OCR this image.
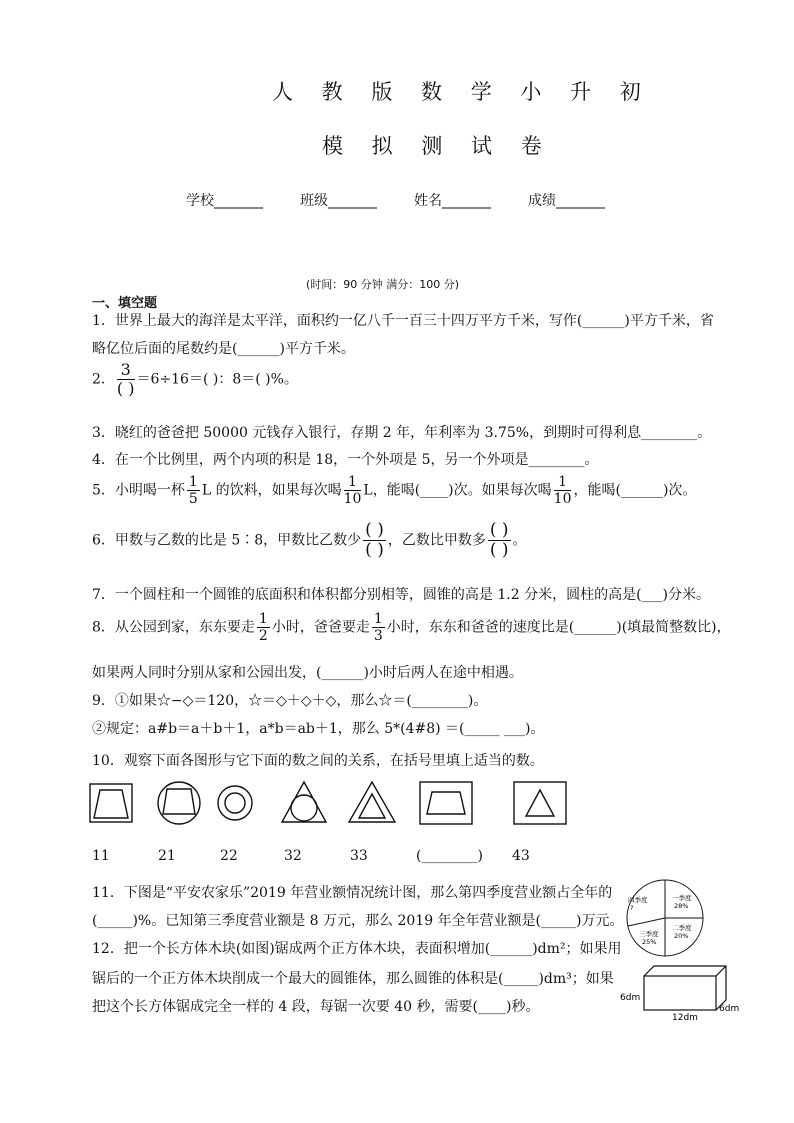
人 教 版 数 学 小 升 初
模 拟 测 试 卷
学校_______	班级_______	姓名_______	成绩_______
(时间：90 分钟 满分：100 分)
一、填空题
1．世界上最大的海洋是太平洋，面积约一亿八千一百三十四万平方千米，写作(______)平方千米，省
略亿位后面的尾数约是(______)平方千米。
2． $\frac{3}{( )} =6\div 16=$( )：8＝( )%。
3．晓红的爸爸把 50000 元钱存入银行，存期 2 年，年利率为 3.75%，到期时可得利息________。
4．在一个比例里，两个内项的积是 18，一个外项是 5，另一个外项是________。
5．小明喝一杯 $\frac{1}{5}$ L 的饮料，如果每次喝 $\frac{1}{10}$ L，能喝(____)次。如果每次喝 $\frac{1}{10}$ ，能喝(______)次。
6．甲数与乙数的比是 5∶8，甲数比乙数少 $\frac{( )}{( )}$ ，乙数比甲数多 $\frac{( )}{( )}$ 。
7．一个圆柱和一个圆锥的底面积和体积都分别相等，圆锥的高是 1.2 分米，圆柱的高是(___)分米。
8．从公园到家，东东要走 $\frac{1}{2}$ 小时，爸爸要走 $\frac{1}{3}$ 小时，东东和爸爸的速度比是(______)(填最简整数比)，
如果两人同时分别从家和公园出发，(______)小时后两人在途中相遇。
9．①如果☆−◇＝120，☆＝◇＋◇＋◇，那么☆＝(________)。
②规定：a#b＝a＋b＋1，a*b＝ab＋1，那么 5*(4#8) ＝(_____ ___)。
10．观察下面各图形与它下面的数之间的关系，在括号里填上适当的数。
11	21	22	32	33	(________) 43
11．下图是“平安农家乐”2019 年营业额情况统计图，那么第四季度营业额占全年的
(_____)%。已知第三季度营业额是 8 万元，那么 2019 年全年营业额是(_____)万元。
一季度
28%
二季度
20%
三季度
25%
四季度
?
12．把一个长方体木块(如图)锯成两个正方体木块，表面积增加(______)dm²；如果用
锯后的一个正方体木块削成一个最大的圆锥体，那么圆锥的体积是(_____)dm³；如果
把这个长方体锯成完全一样的 4 段，每锯一次要 40 秒，需要(____)秒。
6dm
12dm
6dm
